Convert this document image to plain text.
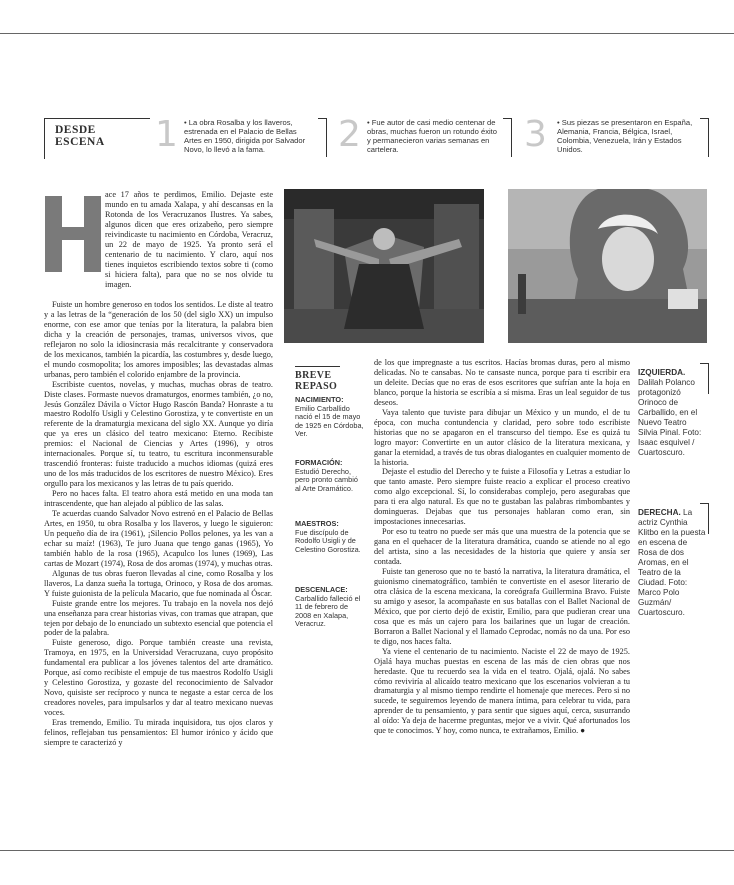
DESDE
ESCENA 1 • La obra Rosalba y los llaveros, estrenada en el Palacio de Bellas Artes en 1950, dirigida por Salvador Novo, lo llevó a la fama.	2 • Fue autor de casi medio centenar de obras, muchas fueron un rotundo éxito y permanecieron varias semanas en cartelera.	3 • Sus piezas se presentaron en España, Alemania, Francia, Bélgica, Israel, Colombia, Venezuela, Irán y Estados Unidos.

ace 17 años te perdimos, Emilio. Dejaste este mundo en tu amada Xalapa, y ahí descansas en la Rotonda de los Veracruzanos Ilustres. Ya sabes, algunos dicen que eres orizabeño, pero siempre reivindicaste tu nacimiento en Córdoba, Veracruz, un 22 de mayo de 1925. Ya pronto será el centenario de tu nacimiento. Y claro, aquí nos tienes inquietos escribiendo textos sobre ti (como si hiciera falta), para que no se nos olvide tu imagen.

Fuiste un hombre generoso en todos los sentidos. Le diste al teatro y a las letras de la “generación de los 50 (del siglo XX) un impulso enorme, con ese amor que tenías por la literatura, la palabra bien dicha y la creación de personajes, tramas, universos vivos, que reflejaron no solo la idiosincrasia más recalcitrante y conservadora de los mexicanos, también la picardía, las costumbres y, desde luego, el mundo cosmopolita; los amores imposibles; las devastadas almas urbanas, pero también el colorido enjambre de la provincia.

Escribiste cuentos, novelas, y muchas, muchas obras de teatro. Diste clases. Formaste nuevos dramaturgos, enormes también, ¿o no, Jesús González Dávila o Víctor Hugo Rascón Banda? Honraste a tu maestro Rodolfo Usigli y Celestino Gorostiza, y te convertiste en un referente de la dramaturgia mexicana del siglo XX. Aunque yo diría que ya eres un clásico del teatro mexicano: Eterno. Recibiste premios: el Nacional de Ciencias y Artes (1996), y otros internacionales. Porque sí, tu teatro, tu escritura inconmensurable trascendió fronteras: fuiste traducido a muchos idiomas (quizá eres uno de los más traducidos de los escritores de nuestro México). Eres orgullo para los mexicanos y las letras de tu país querido.

Pero no haces falta. El teatro ahora está metido en una moda tan intrascendente, que han alejado al público de las salas.

Te acuerdas cuando Salvador Novo estrenó en el Palacio de Bellas Artes, en 1950, tu obra Rosalba y los llaveros, y luego le siguieron: Un pequeño día de ira (1961), ¡Silencio Pollos pelones, ya les van a echar su maíz! (1963), Te juro Juana que tengo ganas (1965), Yo también hablo de la rosa (1965), Acapulco los lunes (1969), Las cartas de Mozart (1974), Rosa de dos aromas (1974), y muchas otras.

Algunas de tus obras fueron llevadas al cine, como Rosalba y los llaveros, La danza sueña la tortuga, Orinoco, y Rosa de dos aromas. Y fuiste guionista de la película Macario, que fue nominada al Óscar.

Fuiste grande entre los mejores. Tu trabajo en la novela nos dejó una enseñanza para crear historias vivas, con tramas que atrapan, que tejen por debajo de lo enunciado un subtexto esencial que potencia el poder de la palabra.

Fuiste generoso, digo. Porque también creaste una revista, Tramoya, en 1975, en la Universidad Veracruzana, cuyo propósito fundamental era publicar a los jóvenes talentos del arte dramático. Porque, así como recibiste el empuje de tus maestros Rodolfo Usigli y Celestino Gorostiza, y gozaste del reconocimiento de Salvador Novo, quisiste ser recíproco y nunca te negaste a estar cerca de los creadores noveles, para impulsarlos y dar al teatro mexicano nuevas voces.

Eras tremendo, Emilio. Tu mirada inquisidora, tus ojos claros y felinos, reflejaban tus pensamientos: El humor irónico y ácido que siempre te caracterizó y

BREVE
REPASO
NACIMIENTO:
Emilio Carballido nació el 15 de mayo de 1925 en Córdoba, Ver.
FORMACIÓN:
Estudió Derecho, pero pronto cambió al Arte Dramático.
MAESTROS:
Fue discípulo de Rodolfo Usigli y de Celestino Gorostiza.
DESCENLACE:
Carballido falleció el 11 de febrero de 2008 en Xalapa, Veracruz.

de los que impregnaste a tus escritos. Hacías bromas duras, pero al mismo delicadas. No te cansabas. No te cansaste nunca, porque para ti escribir era un deleite. Decías que no eras de esos escritores que sufrían ante la hoja en blanco, porque la historia se escribía a sí misma. Eras un leal seguidor de tus deseos.

Vaya talento que tuviste para dibujar un México y un mundo, el de tu época, con mucha contundencia y claridad, pero sobre todo escribiste historias que no se apagaron en el transcurso del tiempo. Ese es quizá tu logro mayor: Convertirte en un autor clásico de la literatura mexicana, y ganar la eternidad, a través de tus obras dialogantes en cualquier momento de la historia.

Dejaste el estudio del Derecho y te fuiste a Filosofía y Letras a estudiar lo que tanto amaste. Pero siempre fuiste reacio a explicar el proceso creativo como algo excepcional. Sí, lo considerabas complejo, pero asegurabas que para ti era algo natural. Es que no te gustaban las palabras rimbombantes y domingueras. Dejabas que tus personajes hablaran como eran, sin impostaciones innecesarias.

Por eso tu teatro no puede ser más que una muestra de la potencia que se gana en el quehacer de la literatura dramática, cuando se atiende no al ego del artista, sino a las necesidades de la historia que quiere y ansía ser contada.

Fuiste tan generoso que no te bastó la narrativa, la literatura dramática, el guionismo cinematográfico, también te convertiste en el asesor literario de otra clásica de la escena mexicana, la coreógrafa Guillermina Bravo. Fuiste su amigo y asesor, la acompañaste en sus batallas con el Ballet Nacional de México, que por cierto dejó de existir, Emilio, para que pudieran crear una cosa que es más un cajero para los bailarines que un lugar de creación. Borraron a Ballet Nacional y el llamado Ceprodac, nomás no da una. Por eso te digo, nos haces falta.

Ya viene el centenario de tu nacimiento. Naciste el 22 de mayo de 1925. Ojalá haya muchas puestas en escena de las más de cien obras que nos heredaste. Que tu recuerdo sea la vida en el teatro. Ojalá, ojalá. No sabes cómo reviviría al alicaído teatro mexicano que los escenarios volvieran a tu dramaturgia y al mismo tiempo rendirte el homenaje que mereces. Pero si no sucede, te seguiremos leyendo de manera íntima, para celebrar tu vida, para aprender de tu pensamiento, y para sentir que sigues aquí, cerca, susurrando al oído: Ya deja de hacerme preguntas, mejor ve a vivir. Qué afortunados los que te conocimos. Y hoy, como nunca, te extrañamos, Emilio. ●

IZQUIERDA. Dalilah Polanco protagonizó Orinoco de Carballido, en el Nuevo Teatro Silvia Pinal. Foto: Isaac esquivel / Cuartoscuro.
DERECHA. La actriz Cynthia Klitbo en la puesta en escena de Rosa de dos Aromas, en el Teatro de la Ciudad. Foto: Marco Polo Guzmán/ Cuartoscuro.
